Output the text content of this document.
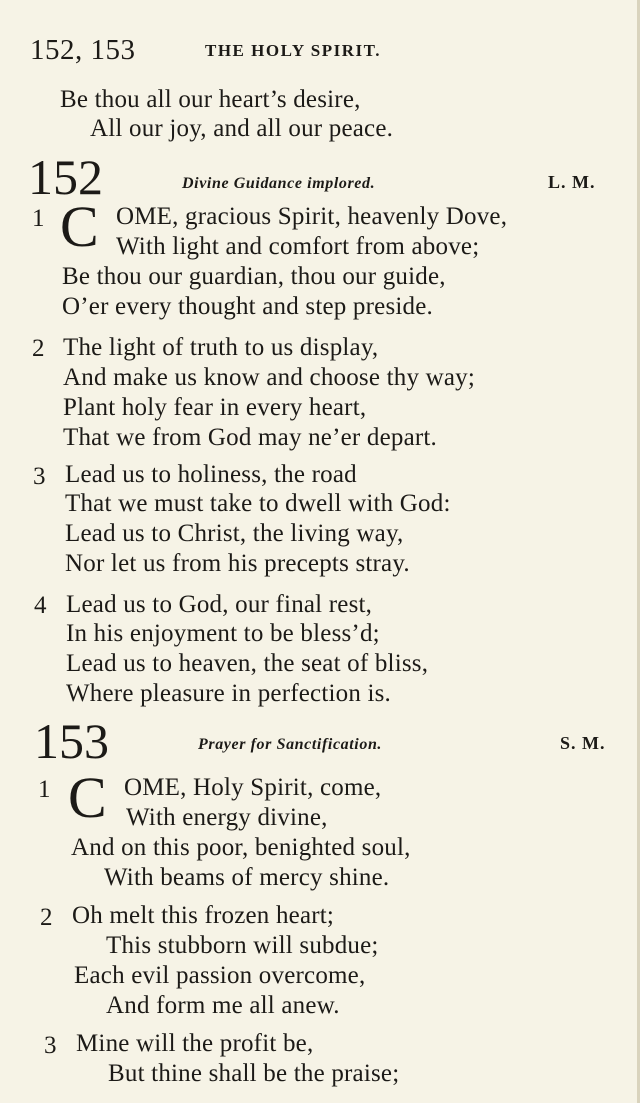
152, 153	THE HOLY SPIRIT.
Be thou all our heart’s desire,
All our joy, and all our peace.
152	Divine Guidance implored.	L. M.
1 C OME, gracious Spirit, heavenly Dove,
With light and comfort from above;
Be thou our guardian, thou our guide,
O’er every thought and step preside.
2 The light of truth to us display,
And make us know and choose thy way;
Plant holy fear in every heart,
That we from God may ne’er depart.
3 Lead us to holiness, the road
That we must take to dwell with God:
Lead us to Christ, the living way,
Nor let us from his precepts stray.
4 Lead us to God, our final rest,
In his enjoyment to be bless’d;
Lead us to heaven, the seat of bliss,
Where pleasure in perfection is.
153	Prayer for Sanctification.	S. M.
1 C OME, Holy Spirit, come,
With energy divine,
And on this poor, benighted soul,
With beams of mercy shine.
2 Oh melt this frozen heart;
This stubborn will subdue;
Each evil passion overcome,
And form me all anew.
3 Mine will the profit be,
But thine shall be the praise;
